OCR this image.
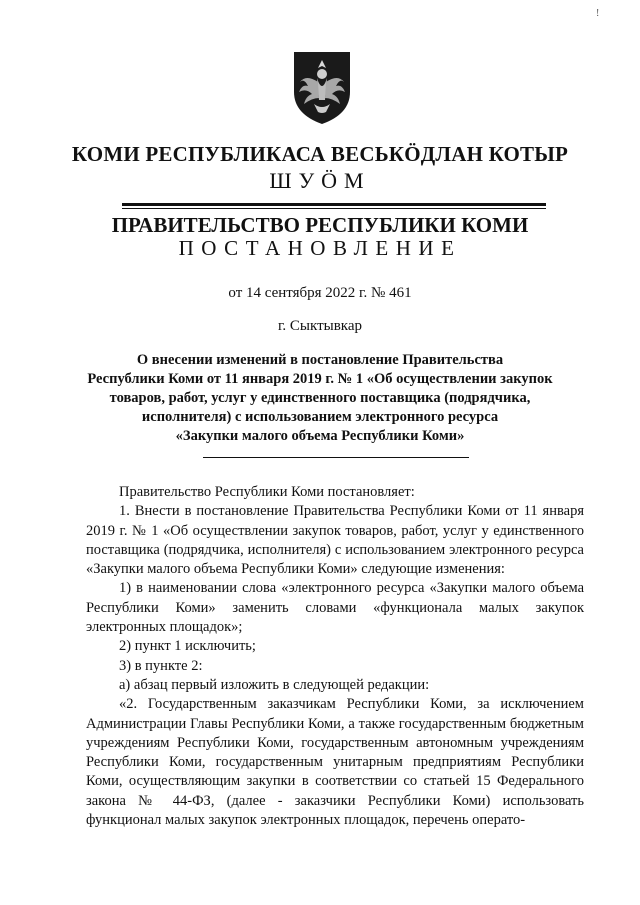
!
КОМИ РЕСПУБЛИКАСА ВЕСЬКӦДЛАН КОТЫР
ШУӦМ
ПРАВИТЕЛЬСТВО РЕСПУБЛИКИ КОМИ
ПОСТАНОВЛЕНИЕ
от 14 сентября 2022 г. № 461
г. Сыктывкар
О внесении изменений в постановление Правительства
Республики Коми от 11 января 2019 г. № 1 «Об осуществлении закупок
товаров, работ, услуг у единственного поставщика (подрядчика,
исполнителя) с использованием электронного ресурса
«Закупки малого объема Республики Коми»

Правительство Республики Коми постановляет:

1. Внести в постановление Правительства Республики Коми от 11 января 2019 г. № 1 «Об осуществлении закупок товаров, работ, услуг у единственного поставщика (подрядчика, исполнителя) с использованием электронного ресурса «Закупки малого объема Республики Коми» следующие изменения:

1) в наименовании слова «электронного ресурса «Закупки малого объема Республики Коми» заменить словами «функционала малых закупок электронных площадок»;

2) пункт 1 исключить;

3) в пункте 2:

а) абзац первый изложить в следующей редакции:

«2. Государственным заказчикам Республики Коми, за исключением Администрации Главы Республики Коми, а также государственным бюджетным учреждениям Республики Коми, государственным автономным учреждениям Республики Коми, государственным унитарным предприятиям Республики Коми, осуществляющим закупки в соответствии со статьей 15 Федерального закона № 44-ФЗ, (далее - заказчики Республики Коми) использовать функционал малых закупок электронных площадок, перечень операто-
